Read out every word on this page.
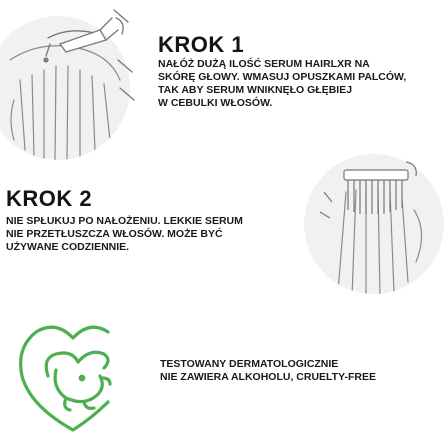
KROK 1

NAŁÓŻ DUŻĄ ILOŚĆ SERUM HAIRLXR NA
SKÓRĘ GŁOWY. WMASUJ OPUSZKAMI PALCÓW,
TAK ABY SERUM WNIKNĘŁO GŁĘBIEJ
W CEBULKI WŁOSÓW.

KROK 2

NIE SPŁUKUJ PO NAŁOŻENIU. LEKKIE SERUM
NIE PRZETŁUSZCZA WŁOSÓW. MOŻE BYĆ
UŻYWANE CODZIENNIE.

TESTOWANY DERMATOLOGICZNIE
NIE ZAWIERA ALKOHOLU, CRUELTY-FREE
